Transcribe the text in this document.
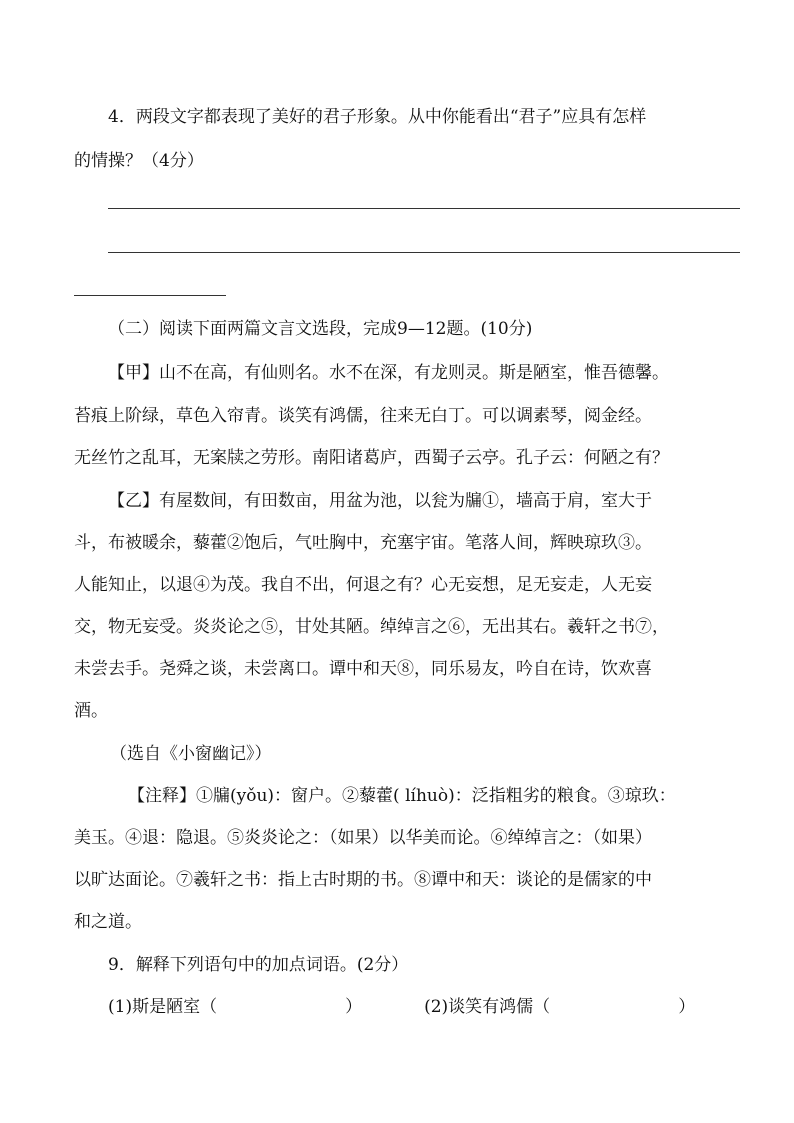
4．两段文字都表现了美好的君子形象。从中你能看出“君子”应具有怎样
的情操？（4分）
（二）阅读下面两篇文言文选段，完成9—12题。(10分)
【甲】山不在高，有仙则名。水不在深，有龙则灵。斯是陋室，惟吾德馨。
苔痕上阶绿，草色入帘青。谈笑有鸿儒，往来无白丁。可以调素琴，阅金经。
无丝竹之乱耳，无案牍之劳形。南阳诸葛庐，西蜀子云亭。孔子云：何陋之有？
【乙】有屋数间，有田数亩，用盆为池，以瓮为牖①，墙高于肩，室大于
斗，布被暖余，藜藿②饱后，气吐胸中，充塞宇宙。笔落人间，辉映琼玖③。
人能知止，以退④为茂。我自不出，何退之有？心无妄想，足无妄走，人无妄
交，物无妄受。炎炎论之⑤，甘处其陋。绰绰言之⑥，无出其右。羲轩之书⑦，
未尝去手。尧舜之谈，未尝离口。谭中和天⑧，同乐易友，吟自在诗，饮欢喜
酒。
（选自《小窗幽记》）
【注释】①牖(yǒu)：窗户。②藜藿( líhuò)：泛指粗劣的粮食。③琼玖：
美玉。④退：隐退。⑤炎炎论之：（如果）以华美而论。⑥绰绰言之：（如果）
以旷达面论。⑦羲轩之书：指上古时期的书。⑧谭中和天：谈论的是儒家的中
和之道。
9．解释下列语句中的加点词语。(2分）
(1)斯是陋室（	）	(2)谈笑有鸿儒（	）
